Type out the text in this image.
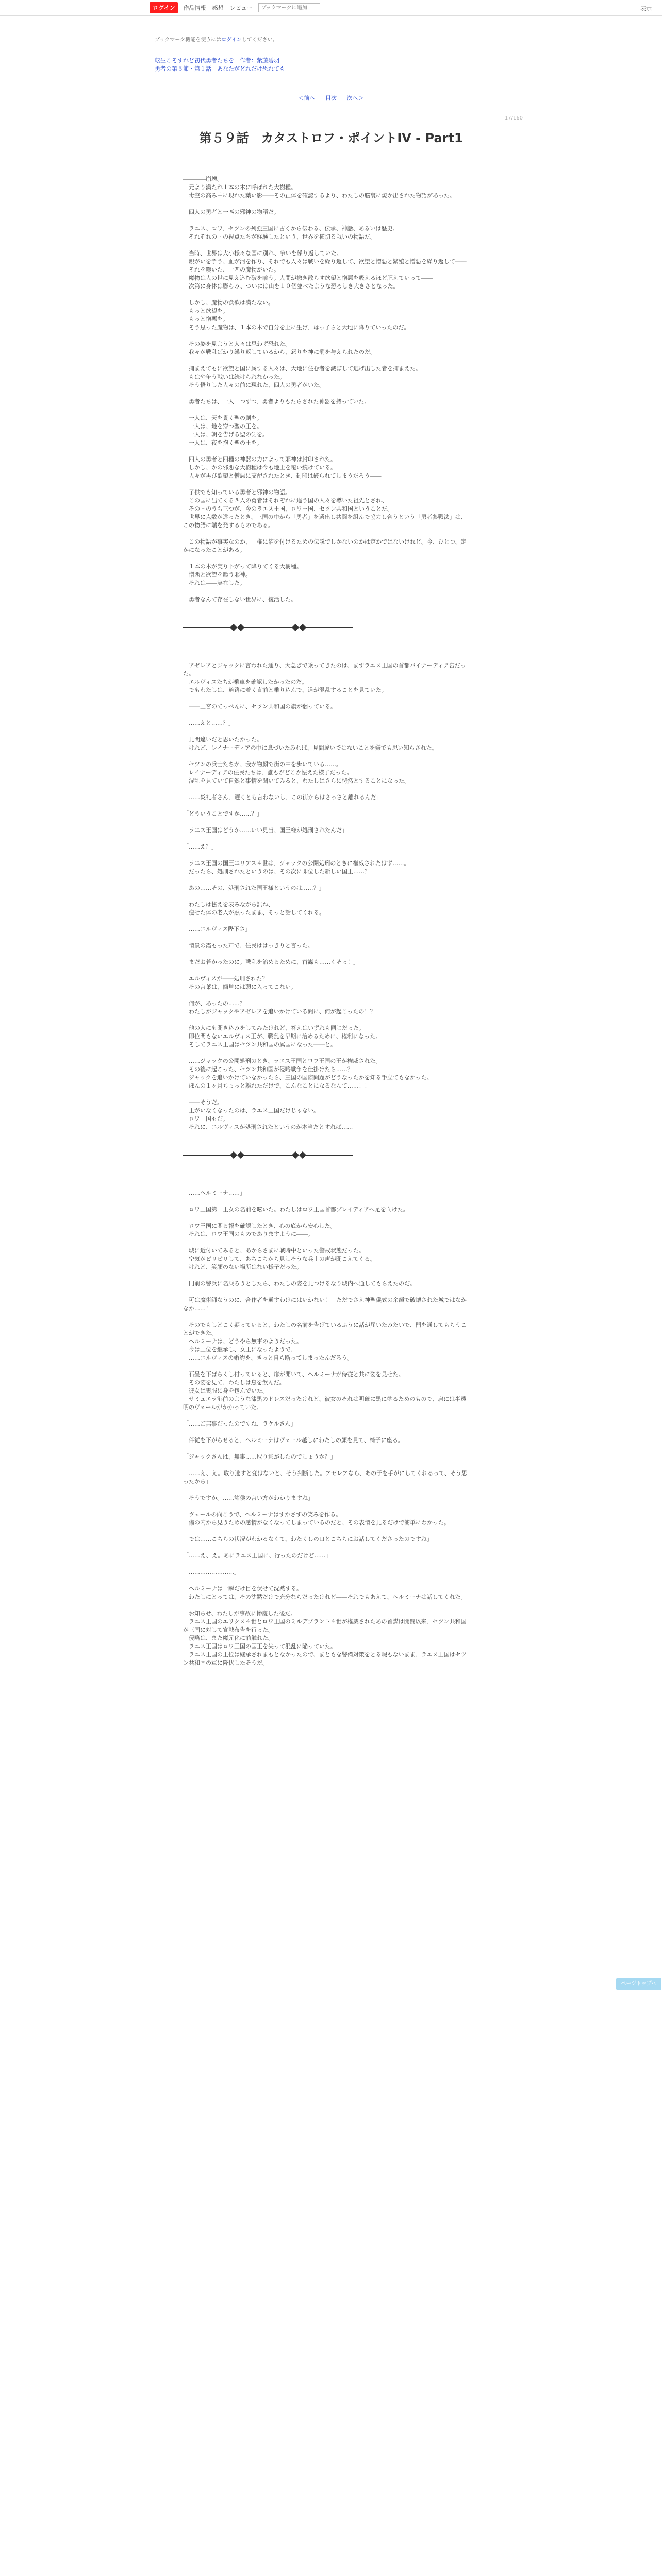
ログイン	作品情報 感想 レビュー
ブックマークに追加	表示
ブックマーク機能を使うにはログインしてください。
転生こそすれど初代勇者たちを　 作者：紫藤碧羽
勇者の第５節・第１話　あなたがどれだけ恐れても
＜前へ 目次 次へ＞
17/160
第５９話　カタストロフ・ポイントIV - Part1

――――崩壊。
　元より満たれ１本の木に呼ばれた大樹種。
　毒空の高み中に現れた葉い影――その正体を確認するより、わたしの脳裏に焼か出された物語があった。

　四人の勇者と一匹の邪神の物語だ。

　ラエス、ロワ、セツンの列強三国に古くから伝わる、伝承、神話、あるいは歴史。
　それぞれの国の視点たちが経験したという、世界を横切る戦いの物語だ。

　当時、世界は大小様々な国に別れ、争いを繰り返していた。
　親がいを争う、血が河を作り、それでも人々は戦いを繰り返して、欲望と憎悪と繁殖と憎悪を繰り返して――
　それを嘆いた、一匹の魔物がいた。
　魔物は人の世に見え込む破を喰う。人間が撒き散らす欲望と憎悪を吸えるほど肥えていって――
　次第に身体は膨らみ、ついには山を１０個並べたような恐ろしき大きさとなった。

　しかし、魔物の食欲は満たない。
　もっと欲望を。
　もっと憎悪を。
　そう思った魔物は、１本の木で自分を上に生げ、母っ子らと大地に降りていったのだ。

　その姿を見ようと人々は思わず恐れた。
　我々が戦乱ばかり繰り返しているから、怒りを神に罰を与えられたのだ。

　捕まえてもに欲望と国に属する人々は、大地に住む者を滅ぼして逃げ出した者を捕まえた。
　もはや争う戦いは続けられなかった。
　そう悟りした人々の前に現れた、四人の勇者がいた。

　勇者たちは、一人一つずつ、勇者よりもたらされた神器を持っていた。

　一人は、天を貫く聖の剣を。
　一人は、地を穿つ聖の王を。
　一人は、朝を告げる聖の剣を。
　一人は、夜を抱く聖の王を。

　四人の勇者と四種の神器の力によって邪神は封印された。
　しかし、かの邪悪な大樹種は今も地上を覆い続けている。
　人々が再び欲望と憎悪に支配されたとき、封印は破られてしまうだろう――

　子供でも知っている勇者と邪神の物語。
　この国に出てくる四人の勇者はそれぞれに違う国の人々を導いた祖先とされ、
　その国のうち三つが、今のラエス王国、ロワ王国、セツン共和国ということだ。
　世界に点数が違ったとき、三国の中から「勇者」を選出し共闘を組んで協力し合うという「勇者参戦法」は、この物語に端を発するものである。

　この物語が事実なのか、王権に箔を付けるための伝説でしかないのかは定かではないけれど。今、ひとつ、定かになったことがある。

　１本の木が実り下がって降りてくる大樹種。
　憎悪と欲望を喰う邪神。
　それは――実在した。

　勇者なんて存在しない世界に、復活した。

　アゼレアとジャックに言われた通り、大急ぎで乗ってきたのは、まずラエス王国の首都バイナーディア宮だった。
　エルヴィスたちが乗車を確認したかったのだ。
　でもわたしは、道路に着く直前と乗り込んで、道が混乱することを見ていた。

　――王宮のてっぺんに、セツン共和国の旗が翻っている。

「……えと……？」

　見間違いだと思いたかった。
　けれど、レイナーディアの中に息づいたみれば、見間違いではないことを嫌でも思い知らされた。

　セツンの兵士たちが、我が物顔で街の中を歩いている……。
　レイナーディアの住民たちは、誰もがどこか怯えた様子だった。
　混乱を見ていて自然と事情を聞いてみると、わたしはさらに愕然とすることになった。

「……炎礼者さん、遅くとも言わないし、この街からはさっさと離れるんだ」

「どういうことですか……？」

「ラエス王国はどうか……いい見当、国王様が処刑されたんだ」

「……え？」

　ラエス王国の国王エリアス４世は、ジャックの公開処刑のときに権威されたはず……。
　だったら、処刑されたというのは、その次に即位した新しい国王……？

「あの……その、処刑された国王様というのは……？」

　わたしは怯えを表みながら訊ね、
　痩せた体の老人が黙ったまま、そっと話してくれる。

「……エルヴィス陛下さ」

　情景の霞もった声で、住民ははっきりと言った。

「まだお若かったのに。戦乱を治めるために、首謀も……くそっ！」

　エルヴィスが――処刑された？
　その言葉は、簡単には頭に入ってこない。

　何が、あったの……？
　わたしがジャックやアゼレアを追いかけている間に、何が起こったの！？

　他の人にも聞き込みをしてみたけれど、答えはいずれも同じだった。
　即位間もないエルヴィス王が、戦乱を早期に治めるために、権利になった。
　そしてラエス王国はセツン共和国の属国になった――と。

　……ジャックの公開処刑のとき、ラエス王国とロワ王国の王が権威された。
　その後に起こった、セツン共和国が侵略戦争を仕掛けたら……？
　ジャックを追いかけていなかったら、三国の国際問題がどうなったかを知る手立てもなかった。
　ほんの１ヶ月ちょっと離れただけで、こんなことになるなんて……！！

　――そうだ。
　王がいなくなったのは、ラエス王国だけじゃない。
　ロワ王国もだ。
　それに、エルヴィスが処刑されたというのが本当だとすれば……

「……ヘルミーナ……」

　ロワ王国第一王女の名前を呟いた。わたしはロワ王国首都ブレイディアへ足を向けた。

　ロワ王国に関る報を確認したとき、心の底から安心した。
　それは、ロワ王国のものでありますように――。

　城に近付いてみると、あからさまに戦時中といった警戒状態だった。
　空気がピリピリして、あちこちから見しそうな兵士の声が聞こえてくる。
　けれど、笑顔のない場所はない様子だった。

　門前の警兵に名乗ろうとしたら、わたしの姿を見つけるなり城内へ通してもらえたのだ。

「可は魔術師なうのに、合作者を通すわけにはいかない！　ただでさえ神聖儀式の余韻で破壊された城ではなかなか……！」

　そのでもしどこく疑っていると、わたしの名前を告げているふうに話が届いたみたいで、門を通してもらうことができた。
　ヘルミーナは、どうやら無事のようだった。
　今は王位を継承し、女王になったようで、
　……エルヴィスの婚約を、きっと自ら断ってしまったんだろう。

　石畳を下ばらくし付っていると、扉が開いて、ヘルミーナが侍従と共に姿を見せた。
　その姿を見て、わたしは息を飲んだ。
　彼女は喪服に身を包んでいた。
　サミュエラ港前のような漆黒のドレスだったけれど、彼女のそれは明確に黒に塗るためのもので、肩には半透明のヴェールがかかっていた。

「……ご無事だったのですね、ラケルさん」

　伴従を下がらせると、ヘルミーナはヴェール越しにわたしの顔を見て、椅子に座る。

「ジャックさんは、無事……取り逃がしたのでしょうか？」

「……え、え。取り逃すと変はないと、そう判断した。アゼレアなら、あの子を手がにしてくれるって、そう思ったから」

「そうですか。……諸侯の言い方がわかりますね」

　ヴェールの向こうで、ヘルミーナはすかさずの笑みを作る。
　傷の内から見うための感情がなくなってしまっているのだと、その表情を見るだけで簡単にわかった。

「では……こちらの状況がわかるなくて、わたくしの口とこちらにお話してくださったのですね」

「……え、え。あにラエス王国に、行ったのだけど……」

「……………………」

　ヘルミーナは一瞬だけ目を伏せて沈黙する。
　わたしにとっては、その沈黙だけで充分ならだったけれど――それでもあえて、ヘルミーナは話してくれた。

　お知らせ、わたしが事故に惨慶した後だ。
　ラエス王国のエリクス４世とロワ王国のミルデブラント４世が権威されたあの首謀は開闘以来、セツン共和国が三国に対して宣戦布告を行った。
　侵略は、また魔元化に前触れた。
　ラエス王国はロワ王国の国王を失って混乱に陥っていた。
　ラエス王国の王位は継承されまもとなかったので、まともな警備対策をとる暇もないまま、ラエス王国はセツン共和国の軍に降伏したそうだ。

ページトップへ
